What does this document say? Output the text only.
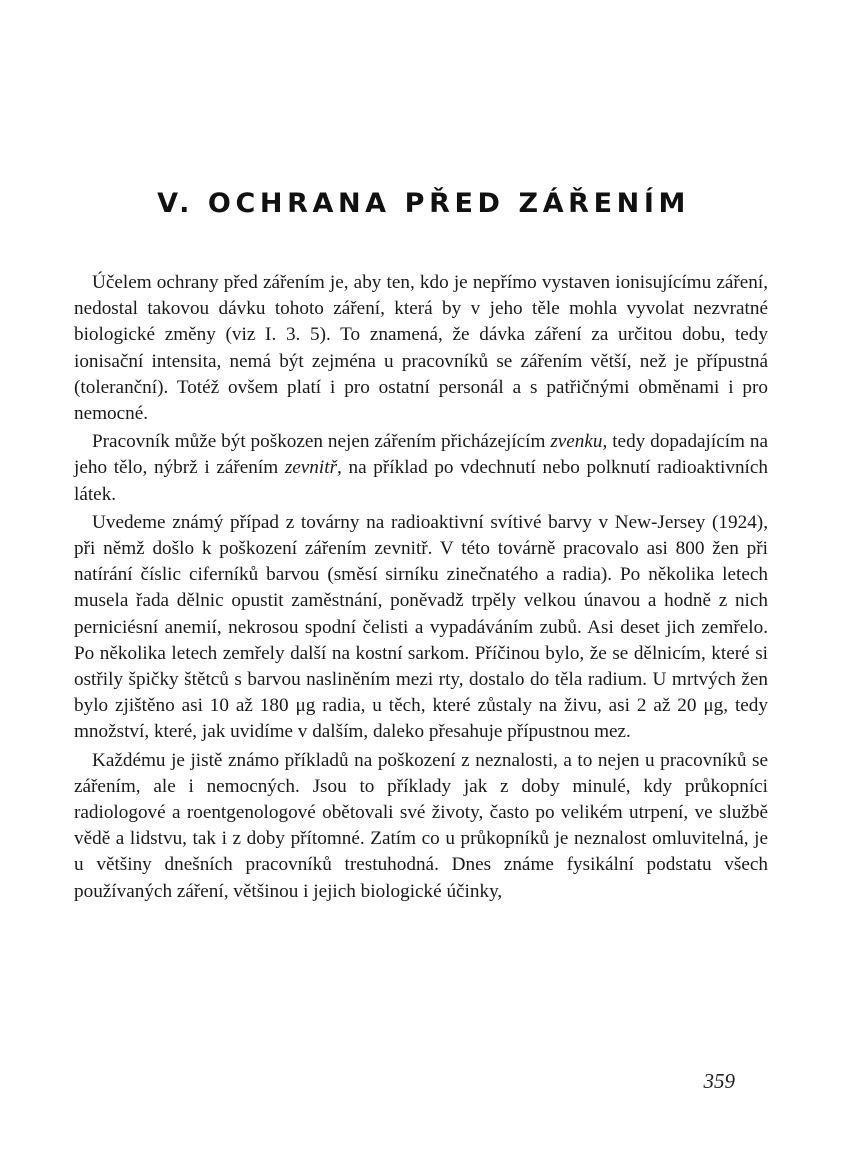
V. OCHRANA PŘED ZÁŘENÍM

Účelem ochrany před zářením je, aby ten, kdo je nepřímo vystaven ionisujícímu záření, nedostal takovou dávku tohoto záření, která by v jeho těle mohla vyvolat nezvratné biologické změny (viz I. 3. 5). To znamená, že dávka záření za určitou dobu, tedy ionisační intensita, nemá být zejména u pracovníků se zářením větší, než je přípustná (toleranční). Totéž ovšem platí i pro ostatní personál a s patřičnými obměnami i pro nemocné.

Pracovník může být poškozen nejen zářením přicházejícím zvenku, tedy dopadajícím na jeho tělo, nýbrž i zářením zevnitř, na příklad po vdechnutí nebo polknutí radioaktivních látek.

Uvedeme známý případ z továrny na radioaktivní svítivé barvy v New-Jersey (1924), při němž došlo k poškození zářením zevnitř. V této továrně pracovalo asi 800 žen při natírání číslic ciferníků barvou (směsí sirníku zinečnatého a radia). Po několika letech musela řada dělnic opustit zaměstnání, poněvadž trpěly velkou únavou a hodně z nich perniciésní anemií, nekrosou spodní čelisti a vypadáváním zubů. Asi deset jich zemřelo. Po několika letech zemřely další na kostní sarkom. Příčinou bylo, že se dělnicím, které si ostřily špičky štětců s barvou nasliněním mezi rty, dostalo do těla radium. U mrtvých žen bylo zjištěno asi 10 až 180 μg radia, u těch, které zůstaly na živu, asi 2 až 20 μg, tedy množství, které, jak uvidíme v dalším, daleko přesahuje přípustnou mez.

Každému je jistě známo příkladů na poškození z neznalosti, a to nejen u pracovníků se zářením, ale i nemocných. Jsou to příklady jak z doby minulé, kdy průkopníci radiologové a roentgenologové obětovali své životy, často po velikém utrpení, ve službě vědě a lidstvu, tak i z doby přítomné. Zatím co u průkopníků je neznalost omluvitelná, je u většiny dnešních pracovníků trestuhodná. Dnes známe fysikální podstatu všech používaných záření, většinou i jejich biologické účinky,

359
